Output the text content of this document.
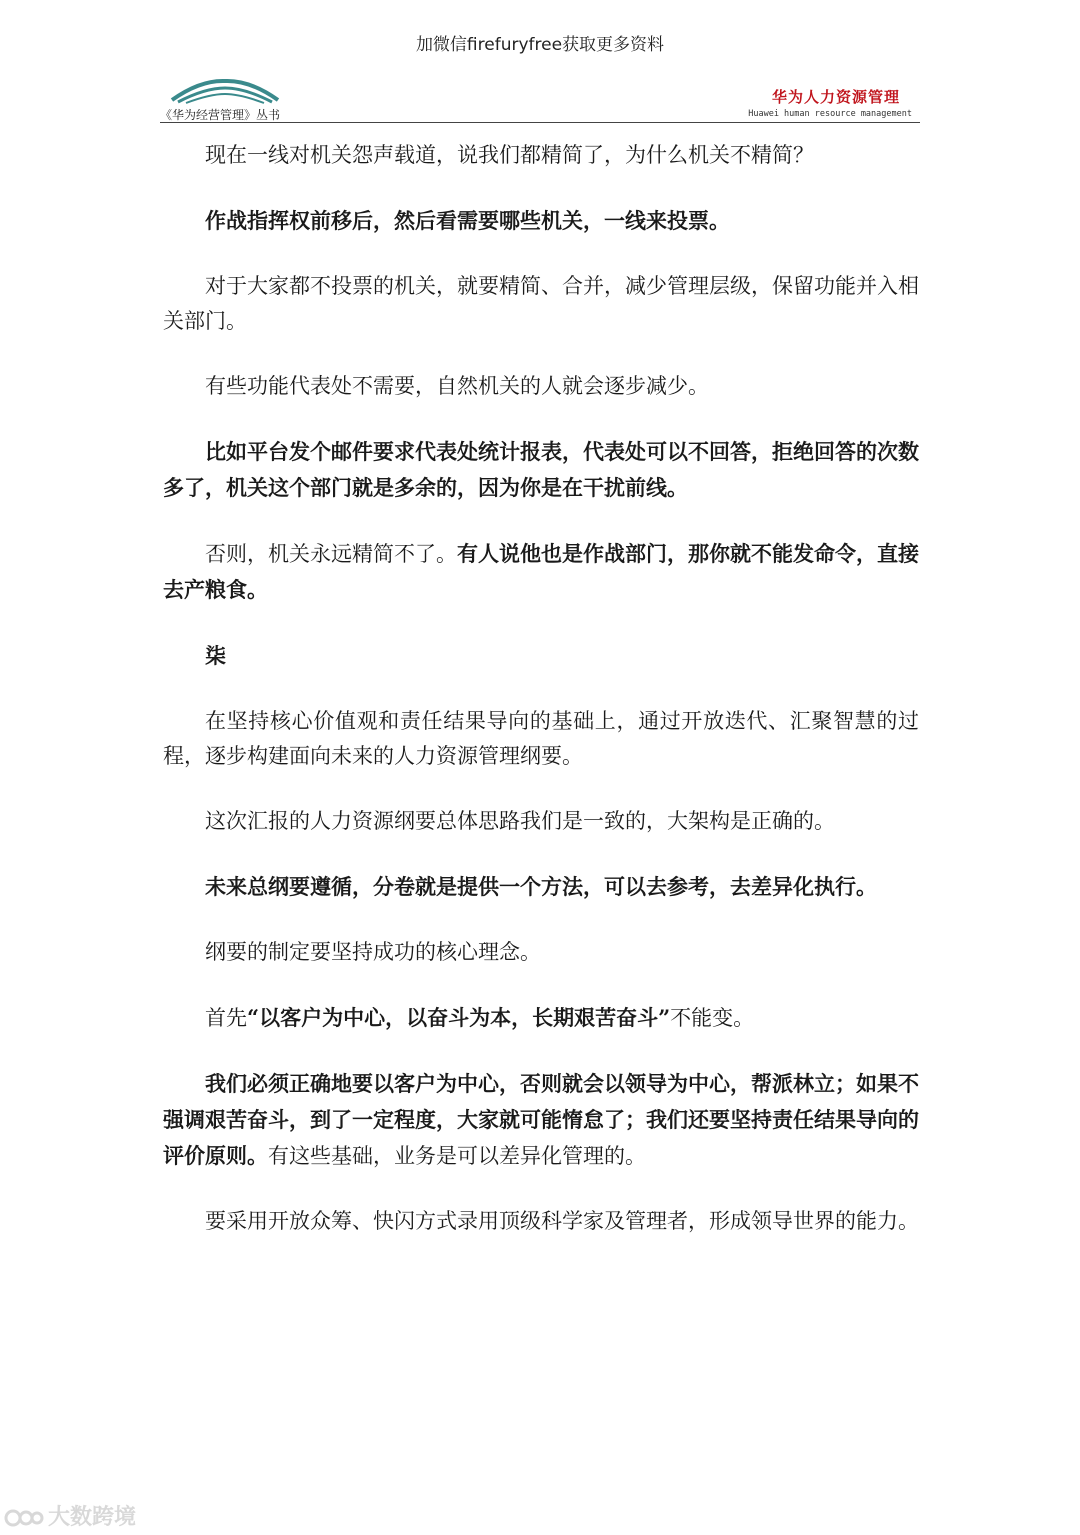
加微信firefuryfree获取更多资料
《华为经营管理》丛书
华为人力资源管理
Huawei human resource management

现在一线对机关怨声载道，说我们都精简了，为什么机关不精简？

作战指挥权前移后，然后看需要哪些机关，一线来投票。

对于大家都不投票的机关，就要精简、合并，减少管理层级，保留功能并入相关部门。

有些功能代表处不需要，自然机关的人就会逐步减少。

比如平台发个邮件要求代表处统计报表，代表处可以不回答，拒绝回答的次数多了，机关这个部门就是多余的，因为你是在干扰前线。

否则，机关永远精简不了。有人说他也是作战部门，那你就不能发命令，直接去产粮食。

柒

在坚持核心价值观和责任结果导向的基础上，通过开放迭代、汇聚智慧的过程，逐步构建面向未来的人力资源管理纲要。

这次汇报的人力资源纲要总体思路我们是一致的，大架构是正确的。

未来总纲要遵循，分卷就是提供一个方法，可以去参考，去差异化执行。

纲要的制定要坚持成功的核心理念。

首先“以客户为中心，以奋斗为本，长期艰苦奋斗”不能变。

我们必须正确地要以客户为中心，否则就会以领导为中心，帮派林立；如果不强调艰苦奋斗，到了一定程度，大家就可能惰怠了；我们还要坚持责任结果导向的评价原则。有这些基础，业务是可以差异化管理的。

要采用开放众筹、快闪方式录用顶级科学家及管理者，形成领导世界的能力。

大数跨境
